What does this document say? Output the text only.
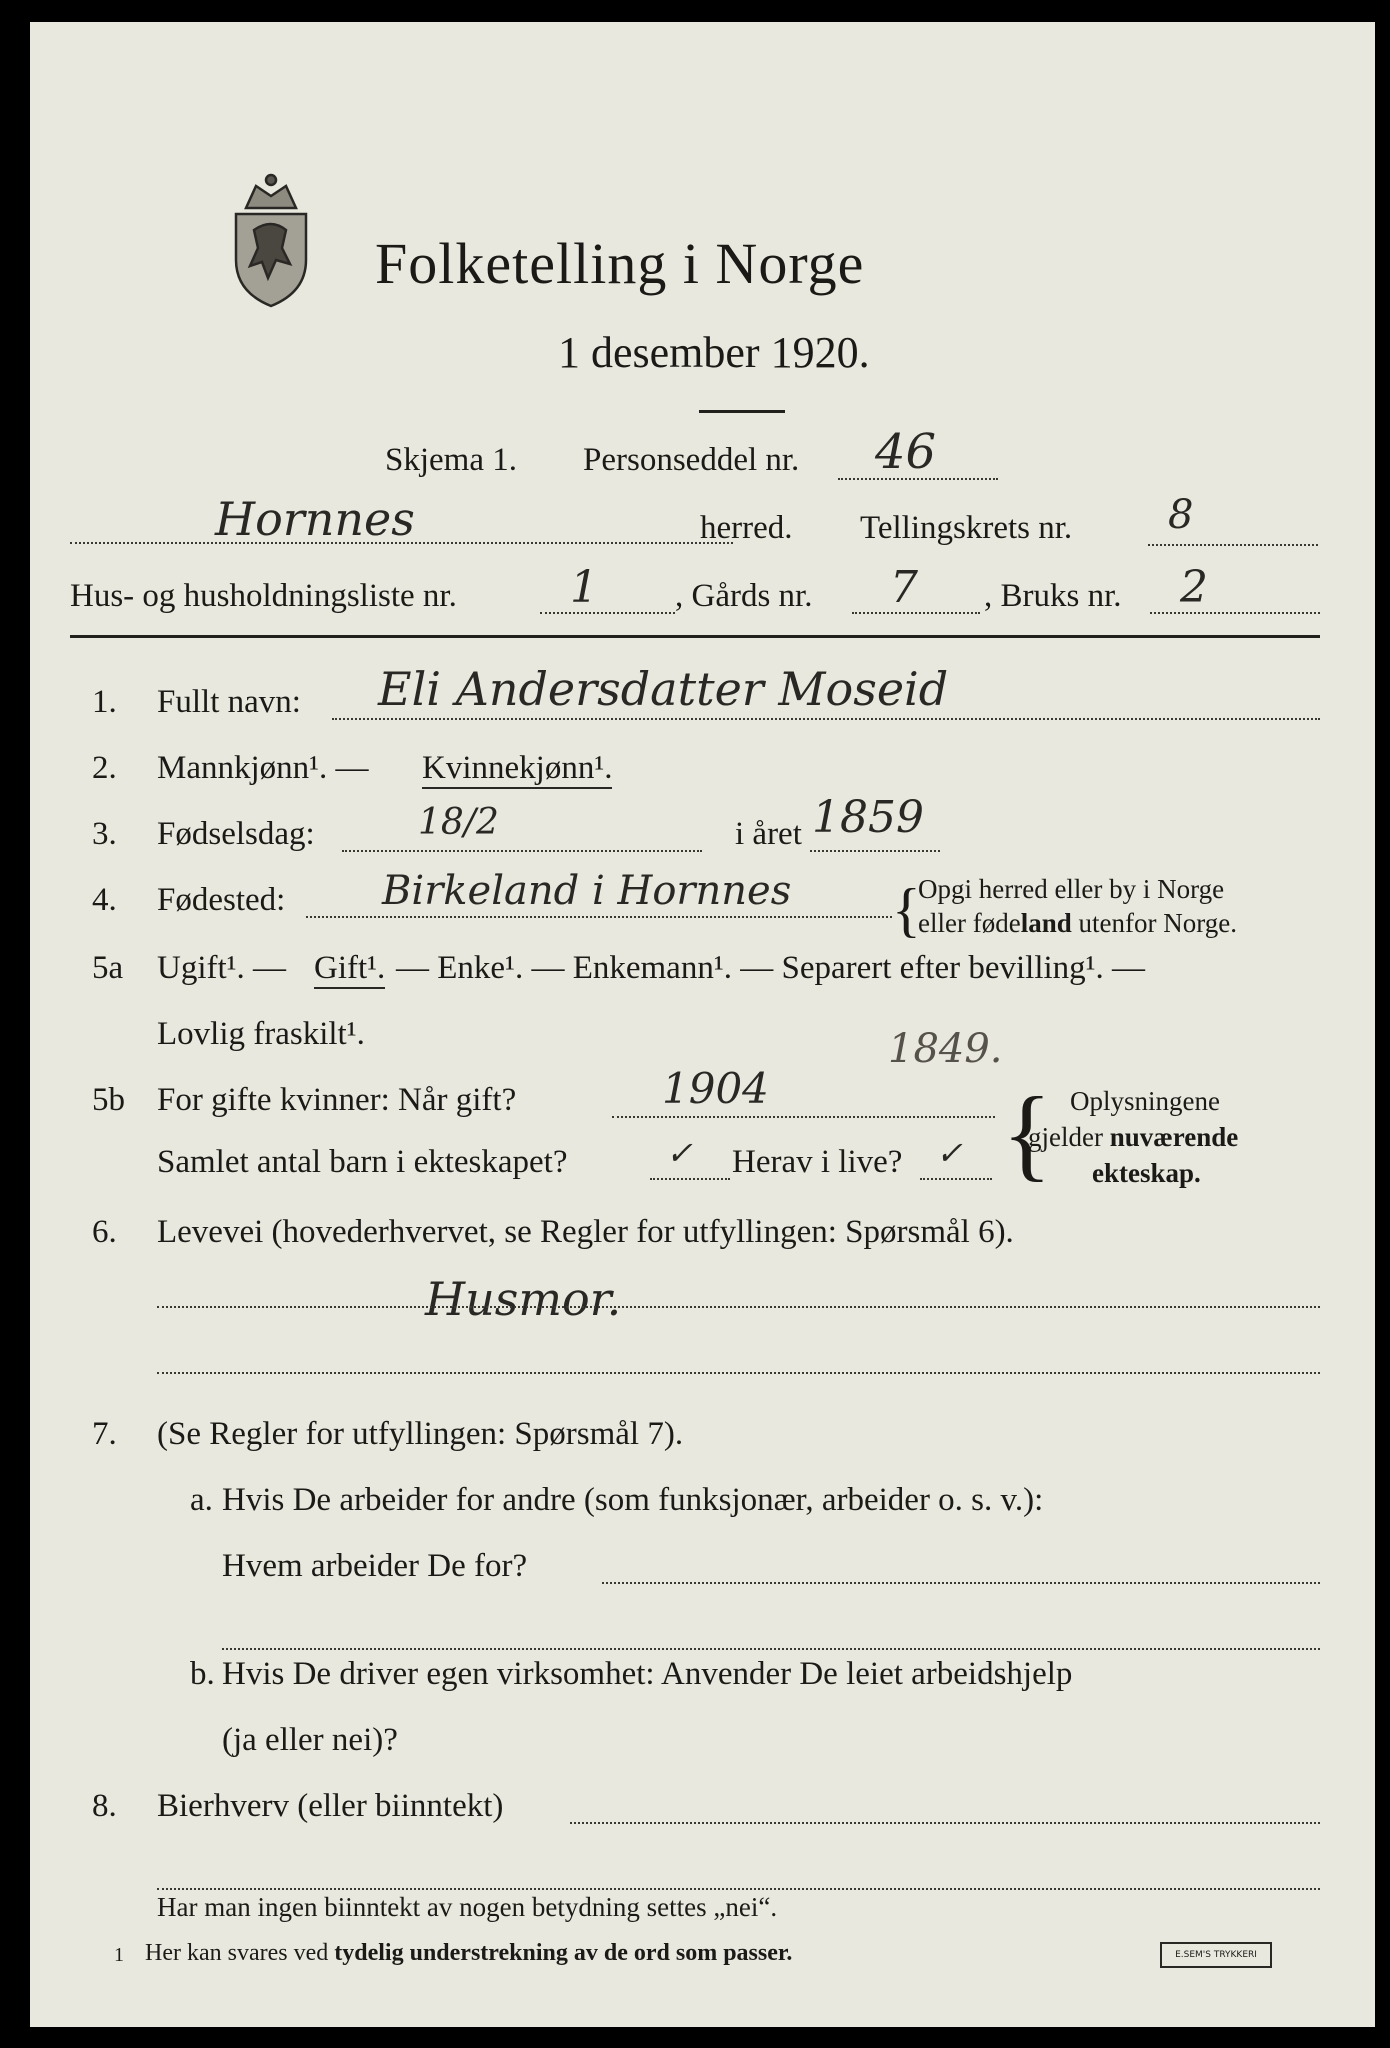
Folketelling i Norge
1 desember 1920.
Skjema 1. Personseddel nr. 46
Hornnes	herred. Tellingskrets nr. 8
Hus- og husholdningsliste nr.	1 , Gårds nr. 7 , Bruks nr. 2
1. Fullt navn: Eli Andersdatter Moseid
2. Mannkjønn¹. — Kvinnekjønn¹.
3. Fødselsdag:	18/2	i året 1859
4. Fødested: Birkeland i Hornnes {
Opgi herred eller by i Norge
eller fødeland utenfor Norge.
5a Ugift¹. — Gift¹. — Enke¹. — Enkemann¹. — Separert efter bevilling¹. —
Lovlig fraskilt¹.	1849.
5b For gifte kvinner: Når gift?	1904
Samlet antal barn i ekteskapet?	✓ Herav i live? ✓ { Oplysningene
gjelder nuværende
ekteskap.
6. Levevei (hovederhvervet, se Regler for utfyllingen: Spørsmål 6).
Husmor.
7. (Se Regler for utfyllingen: Spørsmål 7).
a. Hvis De arbeider for andre (som funksjonær, arbeider o. s. v.):
Hvem arbeider De for?
b. Hvis De driver egen virksomhet: Anvender De leiet arbeidshjelp
(ja eller nei)?
8. Bierhverv (eller biinntekt)
Har man ingen biinntekt av nogen betydning settes „nei“.
1 Her kan svares ved tydelig understrekning av de ord som passer.	E.SEM'S TRYKKERI
